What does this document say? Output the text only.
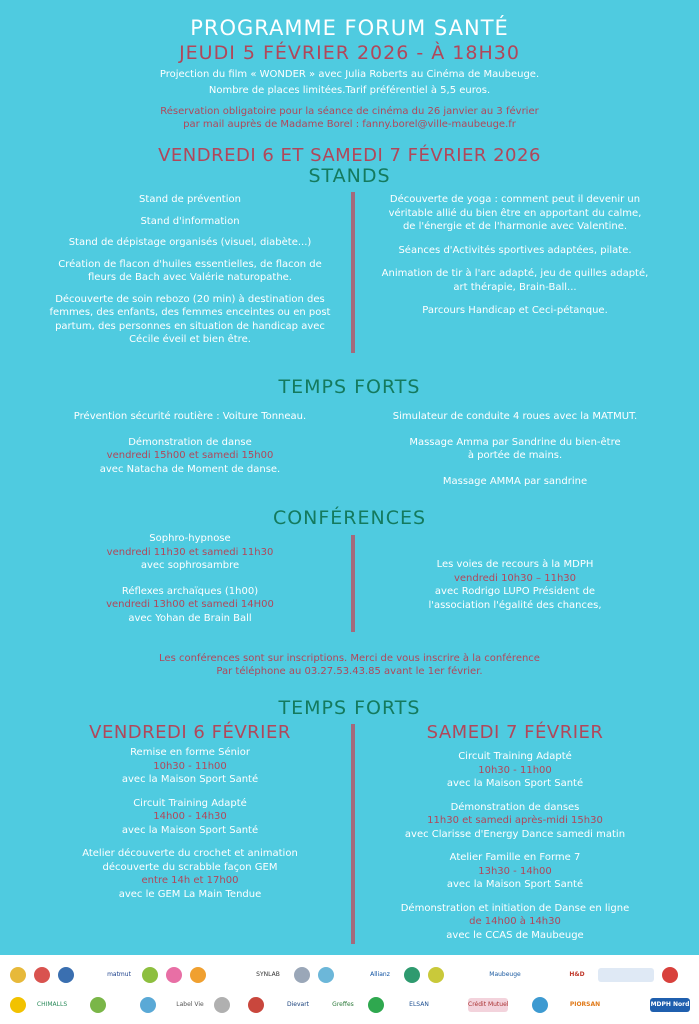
PROGRAMME FORUM SANTÉ
JEUDI 5 FÉVRIER 2026 - À 18H30
Projection du film « WONDER » avec Julia Roberts au Cinéma de Maubeuge.
Nombre de places limitées.Tarif préférentiel à 5,5 euros.
Réservation obligatoire pour la séance de cinéma du 26 janvier au 3 février
par mail auprès de Madame Borel : fanny.borel@ville-maubeuge.fr
VENDREDI 6 ET SAMEDI 7 FÉVRIER 2026
STANDS

Stand de prévention

Stand d'information

Stand de dépistage organisés (visuel, diabète...)

Création de flacon d'huiles essentielles, de flacon de fleurs de Bach avec Valérie naturopathe.

Découverte de soin rebozo (20 min) à destination des femmes, des enfants, des femmes enceintes ou en post partum, des personnes en situation de handicap avec Cécile éveil et bien être.

Découverte de yoga : comment peut il devenir un véritable allié du bien être en apportant du calme, de l'énergie et de l'harmonie avec Valentine.

Séances d'Activités sportives adaptées, pilate.

Animation de tir à l'arc adapté, jeu de quilles adapté, art thérapie, Brain-Ball...

Parcours Handicap et Ceci-pétanque.

TEMPS FORTS

Prévention sécurité routière : Voiture Tonneau.

Démonstration de danse

vendredi 15h00 et samedi 15h00

avec Natacha de Moment de danse.

Simulateur de conduite 4 roues avec la MATMUT.

Massage Amma par Sandrine du bien-être

à portée de mains.

Massage AMMA par sandrine

CONFÉRENCES

Sophro-hypnose

vendredi 11h30 et samedi 11h30

avec sophrosambre

Réflexes archaïques (1h00)

vendredi 13h00 et samedi 14H00

avec Yohan de Brain Ball

Les voies de recours à la MDPH

vendredi 10h30 – 11h30

avec Rodrigo LUPO Président de

l'association l'égalité des chances,

Les conférences sont sur inscriptions. Merci de vous inscrire à la conférence
Par téléphone au 03.27.53.43.85 avant le 1er février.
TEMPS FORTS
VENDREDI 6 FÉVRIER	SAMEDI 7 FÉVRIER

Remise en forme Sénior

10h30 - 11h00

avec la Maison Sport Santé

Circuit Training Adapté

14h00 - 14h30

avec la Maison Sport Santé

Atelier découverte du crochet et animation

découverte du scrabble façon GEM

entre 14h et 17h00

avec le GEM La Main Tendue

Circuit Training Adapté

10h30 - 11h00

avec la Maison Sport Santé

Démonstration de danses

11h30 et samedi après-midi 15h30

avec Clarisse d'Energy Dance samedi matin

Atelier Famille en Forme 7

13h30 - 14h00

avec la Maison Sport Santé

Démonstration et initiation de Danse en ligne

de 14h00 à 14h30

avec le CCAS de Maubeuge

matmut	SYNLAB	Allianz	Maubeuge	H&D
CHIMALLS	Label Vie	Dievart	Greffes	ELSAN	Crédit Mutuel	PIORSAN	MDPH Nord
